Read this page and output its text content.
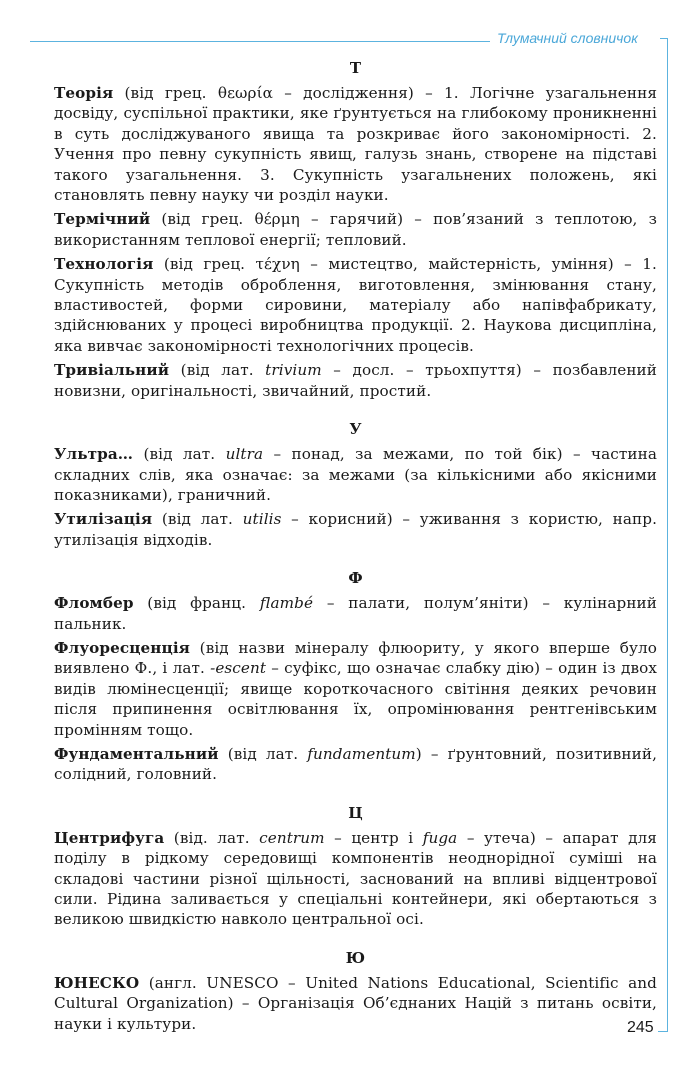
Тлумачний словничок
Т

Теорія (від грец. θεωρία – дослідження) – 1. Логічне узагальнення досвіду, суспільної практики, яке ґрунтується на глибокому проникненні в суть досліджуваного явища та розкриває його закономірності. 2. Учення про певну сукупність явищ, галузь знань, створене на підставі такого узагальнення. 3. Сукупність узагальнених положень, які становлять певну науку чи розділ науки.

Термічний (від грец. θέρμη – гарячий) – пов’язаний з теплотою, з використанням теплової енергії; тепловий.

Технологія (від грец. τέχνη – мистецтво, майстерність, уміння) – 1. Сукупність методів оброблення, виготовлення, змінювання стану, властивостей, форми сировини, матеріалу або напівфабрикату, здійснюваних у процесі виробництва продукції. 2. Наукова дисципліна, яка вивчає закономірності технологічних процесів.

Тривіальний (від лат. trivium – досл. – трьохпуття) – позбавлений новизни, оригінальності, звичайний, простий.

У

Ультра… (від лат. ultra – понад, за межами, по той бік) – частина складних слів, яка означає: за межами (за кількісними або якісними показниками), граничний.

Утилізація (від лат. utilis – корисний) – уживання з користю, напр. утилізація відходів.

Ф

Фломбер (від франц. flambé – палати, полум’яніти) – кулінарний пальник.

Флуоресценція (від назви мінералу флюориту, у якого вперше було виявлено Ф., і лат. -escent – суфікс, що означає слабку дію) – один із двох видів люмінесценції; явище короткочасного світіння деяких речовин після припинення освітлювання їх, опромінювання рентгенівським промінням тощо.

Фундаментальний (від лат. fundamentum) – ґрунтовний, позитивний, солідний, головний.

Ц

Центрифуга (від. лат. centrum – центр і fuga – утеча) – апарат для поділу в рідкому середовищі компонентів неоднорідної суміші на складові частини різної щільності, заснований на впливі відцентрової сили. Рідина заливається у спеціальні контейнери, які обертаються з великою швидкістю навколо центральної осі.

Ю

ЮНЕСКО (англ. UNESCO – United Nations Educational, Scientific and Cultural Organization) – Організація Об’єднаних Націй з питань освіти, науки і культури.	245
